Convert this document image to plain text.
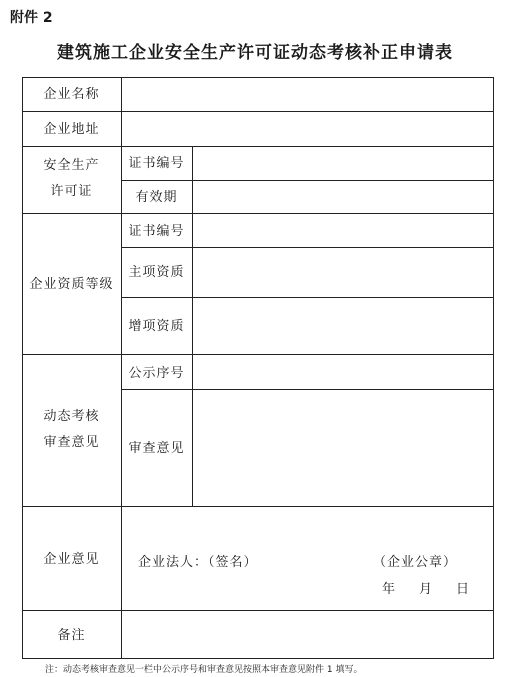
附件 2
建筑施工企业安全生产许可证动态考核补正申请表
企业名称
企业地址
安全生产
许可证
证书编号
有效期
企业资质等级
证书编号
主项资质
增项资质
动态考核
审查意见
公示序号
审查意见
企业意见	企业法人：（签名）	（企业公章）
年 月 日
备注
注：动态考核审查意见一栏中公示序号和审查意见按照本审查意见附件 1 填写。
